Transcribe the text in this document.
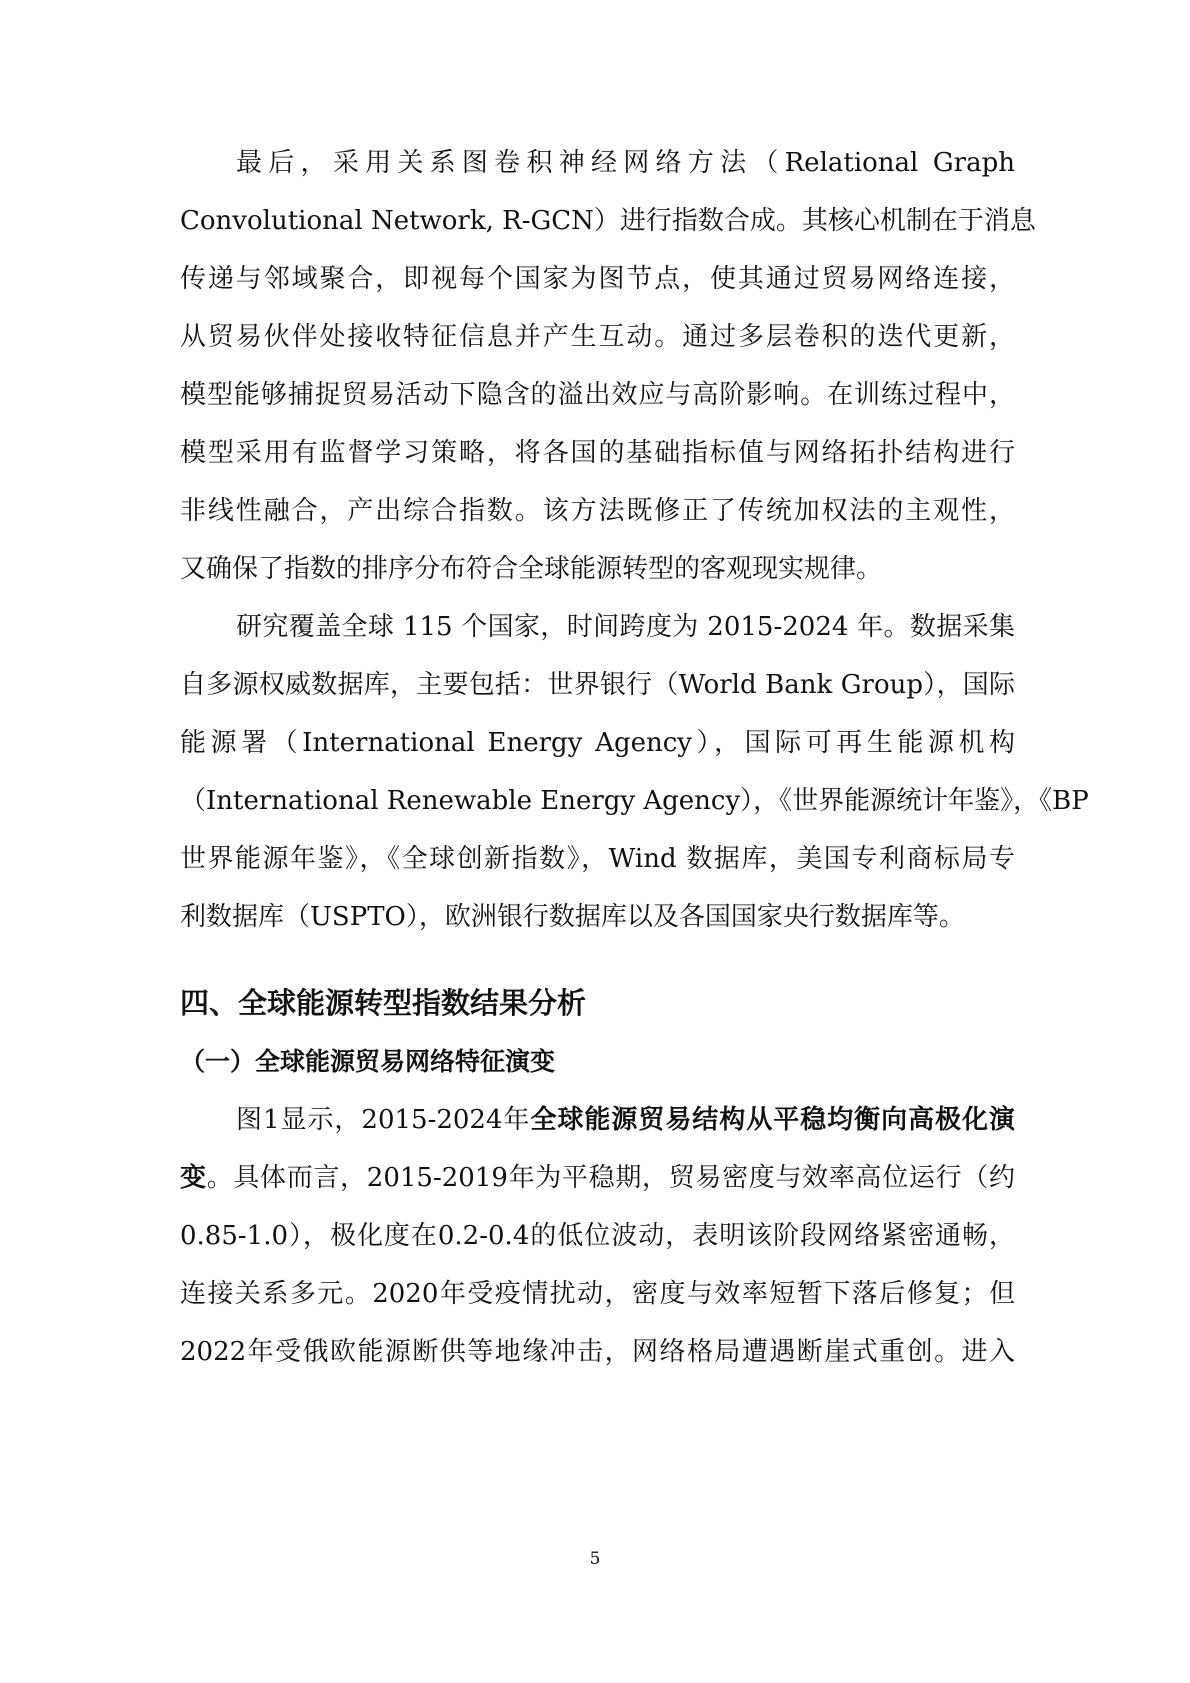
最后，采用关系图卷积神经网络方法（Relational Graph
Convolutional Network, R-GCN）进行指数合成。其核心机制在于消息
传递与邻域聚合，即视每个国家为图节点，使其通过贸易网络连接，
从贸易伙伴处接收特征信息并产生互动。通过多层卷积的迭代更新，
模型能够捕捉贸易活动下隐含的溢出效应与高阶影响。在训练过程中，
模型采用有监督学习策略，将各国的基础指标值与网络拓扑结构进行
非线性融合，产出综合指数。该方法既修正了传统加权法的主观性，
又确保了指数的排序分布符合全球能源转型的客观现实规律。
研究覆盖全球 115 个国家，时间跨度为 2015-2024 年。数据采集
自多源权威数据库，主要包括：世界银行（World Bank Group），国际
能源署（International Energy Agency），国际可再生能源机构
（International Renewable Energy Agency），《世界能源统计年鉴》，《BP
世界能源年鉴》，《全球创新指数》，Wind 数据库，美国专利商标局专
利数据库（USPTO），欧洲银行数据库以及各国国家央行数据库等。
四、全球能源转型指数结果分析
（一）全球能源贸易网络特征演变
图1显示，2015-2024年全球能源贸易结构从平稳均衡向高极化演
变。具体而言，2015-2019年为平稳期，贸易密度与效率高位运行（约
0.85-1.0），极化度在0.2-0.4的低位波动，表明该阶段网络紧密通畅，
连接关系多元。2020年受疫情扰动，密度与效率短暂下落后修复；但
2022年受俄欧能源断供等地缘冲击，网络格局遭遇断崖式重创。进入
5
